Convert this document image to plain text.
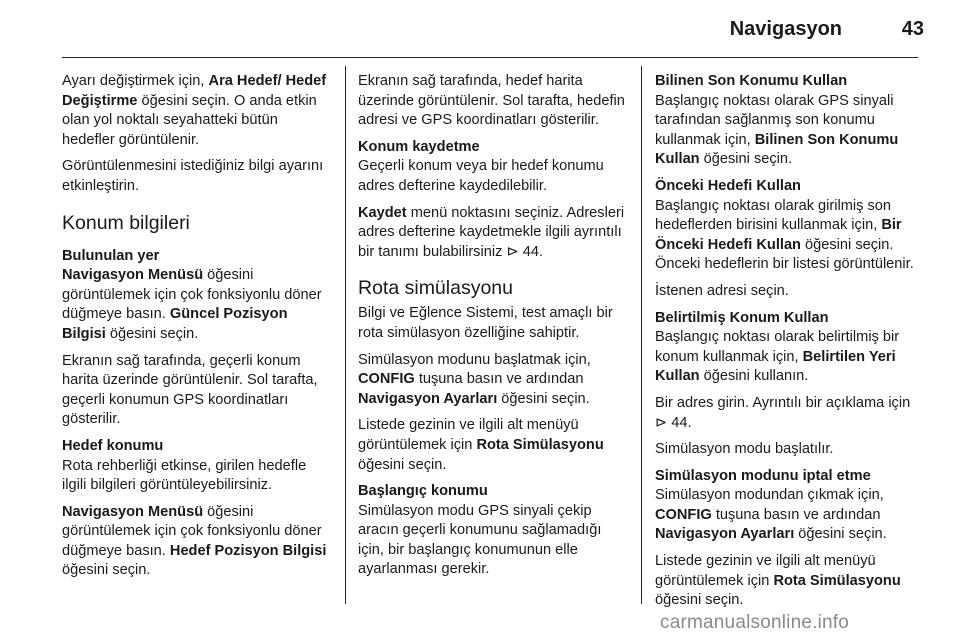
Navigasyon	43

Ayarı değiştirmek için, Ara Hedef/ Hedef Değiştirme öğesini seçin. O anda etkin olan yol noktalı seyahatteki bütün hedefler görüntülenir.

Görüntülenmesini istediğiniz bilgi ayarını etkinleştirin.

Konum bilgileri

Bulunulan yer

Navigasyon Menüsü öğesini görüntülemek için çok fonksiyonlu döner düğmeye basın. Güncel Pozisyon Bilgisi öğesini seçin.

Ekranın sağ tarafında, geçerli konum harita üzerinde görüntülenir. Sol tarafta, geçerli konumun GPS koordinatları gösterilir.

Hedef konumu

Rota rehberliği etkinse, girilen hedefle ilgili bilgileri görüntüleyebilirsiniz.

Navigasyon Menüsü öğesini görüntülemek için çok fonksiyonlu döner düğmeye basın. Hedef Pozisyon Bilgisi öğesini seçin.

Ekranın sağ tarafında, hedef harita üzerinde görüntülenir. Sol tarafta, hedefin adresi ve GPS koordinatları gösterilir.

Konum kaydetme

Geçerli konum veya bir hedef konumu adres defterine kaydedilebilir.

Kaydet menü noktasını seçiniz. Adresleri adres defterine kaydetmekle ilgili ayrıntılı bir tanımı bulabilirsiniz ⊳ 44.

Rota simülasyonu

Bilgi ve Eğlence Sistemi, test amaçlı bir rota simülasyon özelliğine sahiptir.

Simülasyon modunu başlatmak için, CONFIG tuşuna basın ve ardından Navigasyon Ayarları öğesini seçin.

Listede gezinin ve ilgili alt menüyü görüntülemek için Rota Simülasyonu öğesini seçin.

Başlangıç konumu

Simülasyon modu GPS sinyali çekip aracın geçerli konumunu sağlamadığı için, bir başlangıç konumunun elle ayarlanması gerekir.

Bilinen Son Konumu Kullan

Başlangıç noktası olarak GPS sinyali tarafından sağlanmış son konumu kullanmak için, Bilinen Son Konumu Kullan öğesini seçin.

Önceki Hedefi Kullan

Başlangıç noktası olarak girilmiş son hedeflerden birisini kullanmak için, Bir Önceki Hedefi Kullan öğesini seçin. Önceki hedeflerin bir listesi görüntülenir.

İstenen adresi seçin.

Belirtilmiş Konum Kullan

Başlangıç noktası olarak belirtilmiş bir konum kullanmak için, Belirtilen Yeri Kullan öğesini kullanın.

Bir adres girin. Ayrıntılı bir açıklama için ⊳ 44.

Simülasyon modu başlatılır.

Simülasyon modunu iptal etme

Simülasyon modundan çıkmak için, CONFIG tuşuna basın ve ardından Navigasyon Ayarları öğesini seçin.

Listede gezinin ve ilgili alt menüyü görüntülemek için Rota Simülasyonu öğesini seçin.

carmanualsonline.info
